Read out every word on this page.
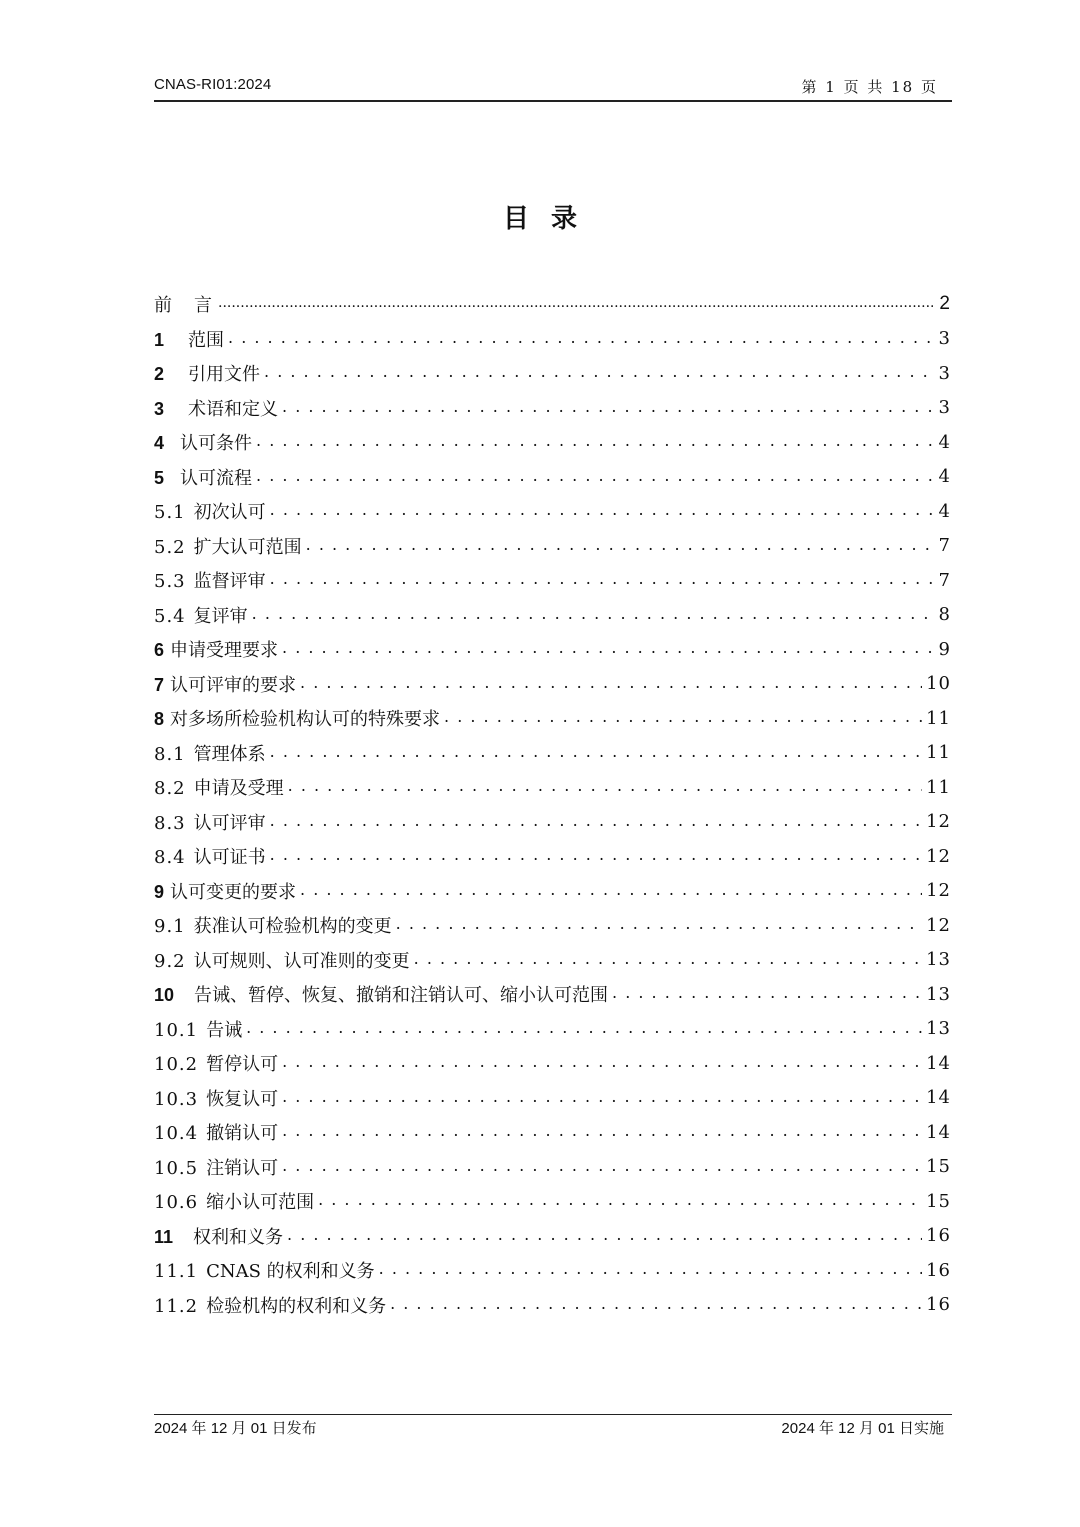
CNAS-RI01:2024	第 1 页 共 18 页
目录
前　言 .....	2
1 范围 . . .	3
2 引用文件 . . .	3
3 术语和定义 . . .	3
4 认可条件 . . .	4
5 认可流程 . . .	4
5.1 初次认可 . . .	4
5.2 扩大认可范围 . . .	7
5.3 监督评审 . . .	7
5.4 复评审 . . .	8
6 申请受理要求 . . .	9
7 认可评审的要求 . . .	10
8 对多场所检验机构认可的特殊要求 . . .	11
8.1 管理体系 . . .	11
8.2 申请及受理 . . .	11
8.3 认可评审 . . .	12
8.4 认可证书 . . .	12
9 认可变更的要求 . . .	12
9.1 获准认可检验机构的变更 . . .	12
9.2 认可规则、认可准则的变更 . . .	13
10 告诫、暂停、恢复、撤销和注销认可、缩小认可范围 . . .	13
10.1 告诫 . . .	13
10.2 暂停认可 . . .	14
10.3 恢复认可 . . .	14
10.4 撤销认可 . . .	14
10.5 注销认可 . . .	15
10.6 缩小认可范围 . . .	15
11 权利和义务 . . .	16
11.1 CNAS 的权利和义务 . . .	16
11.2 检验机构的权利和义务 . . .	16
2024 年 12 月 01 日发布	2024 年 12 月 01 日实施
